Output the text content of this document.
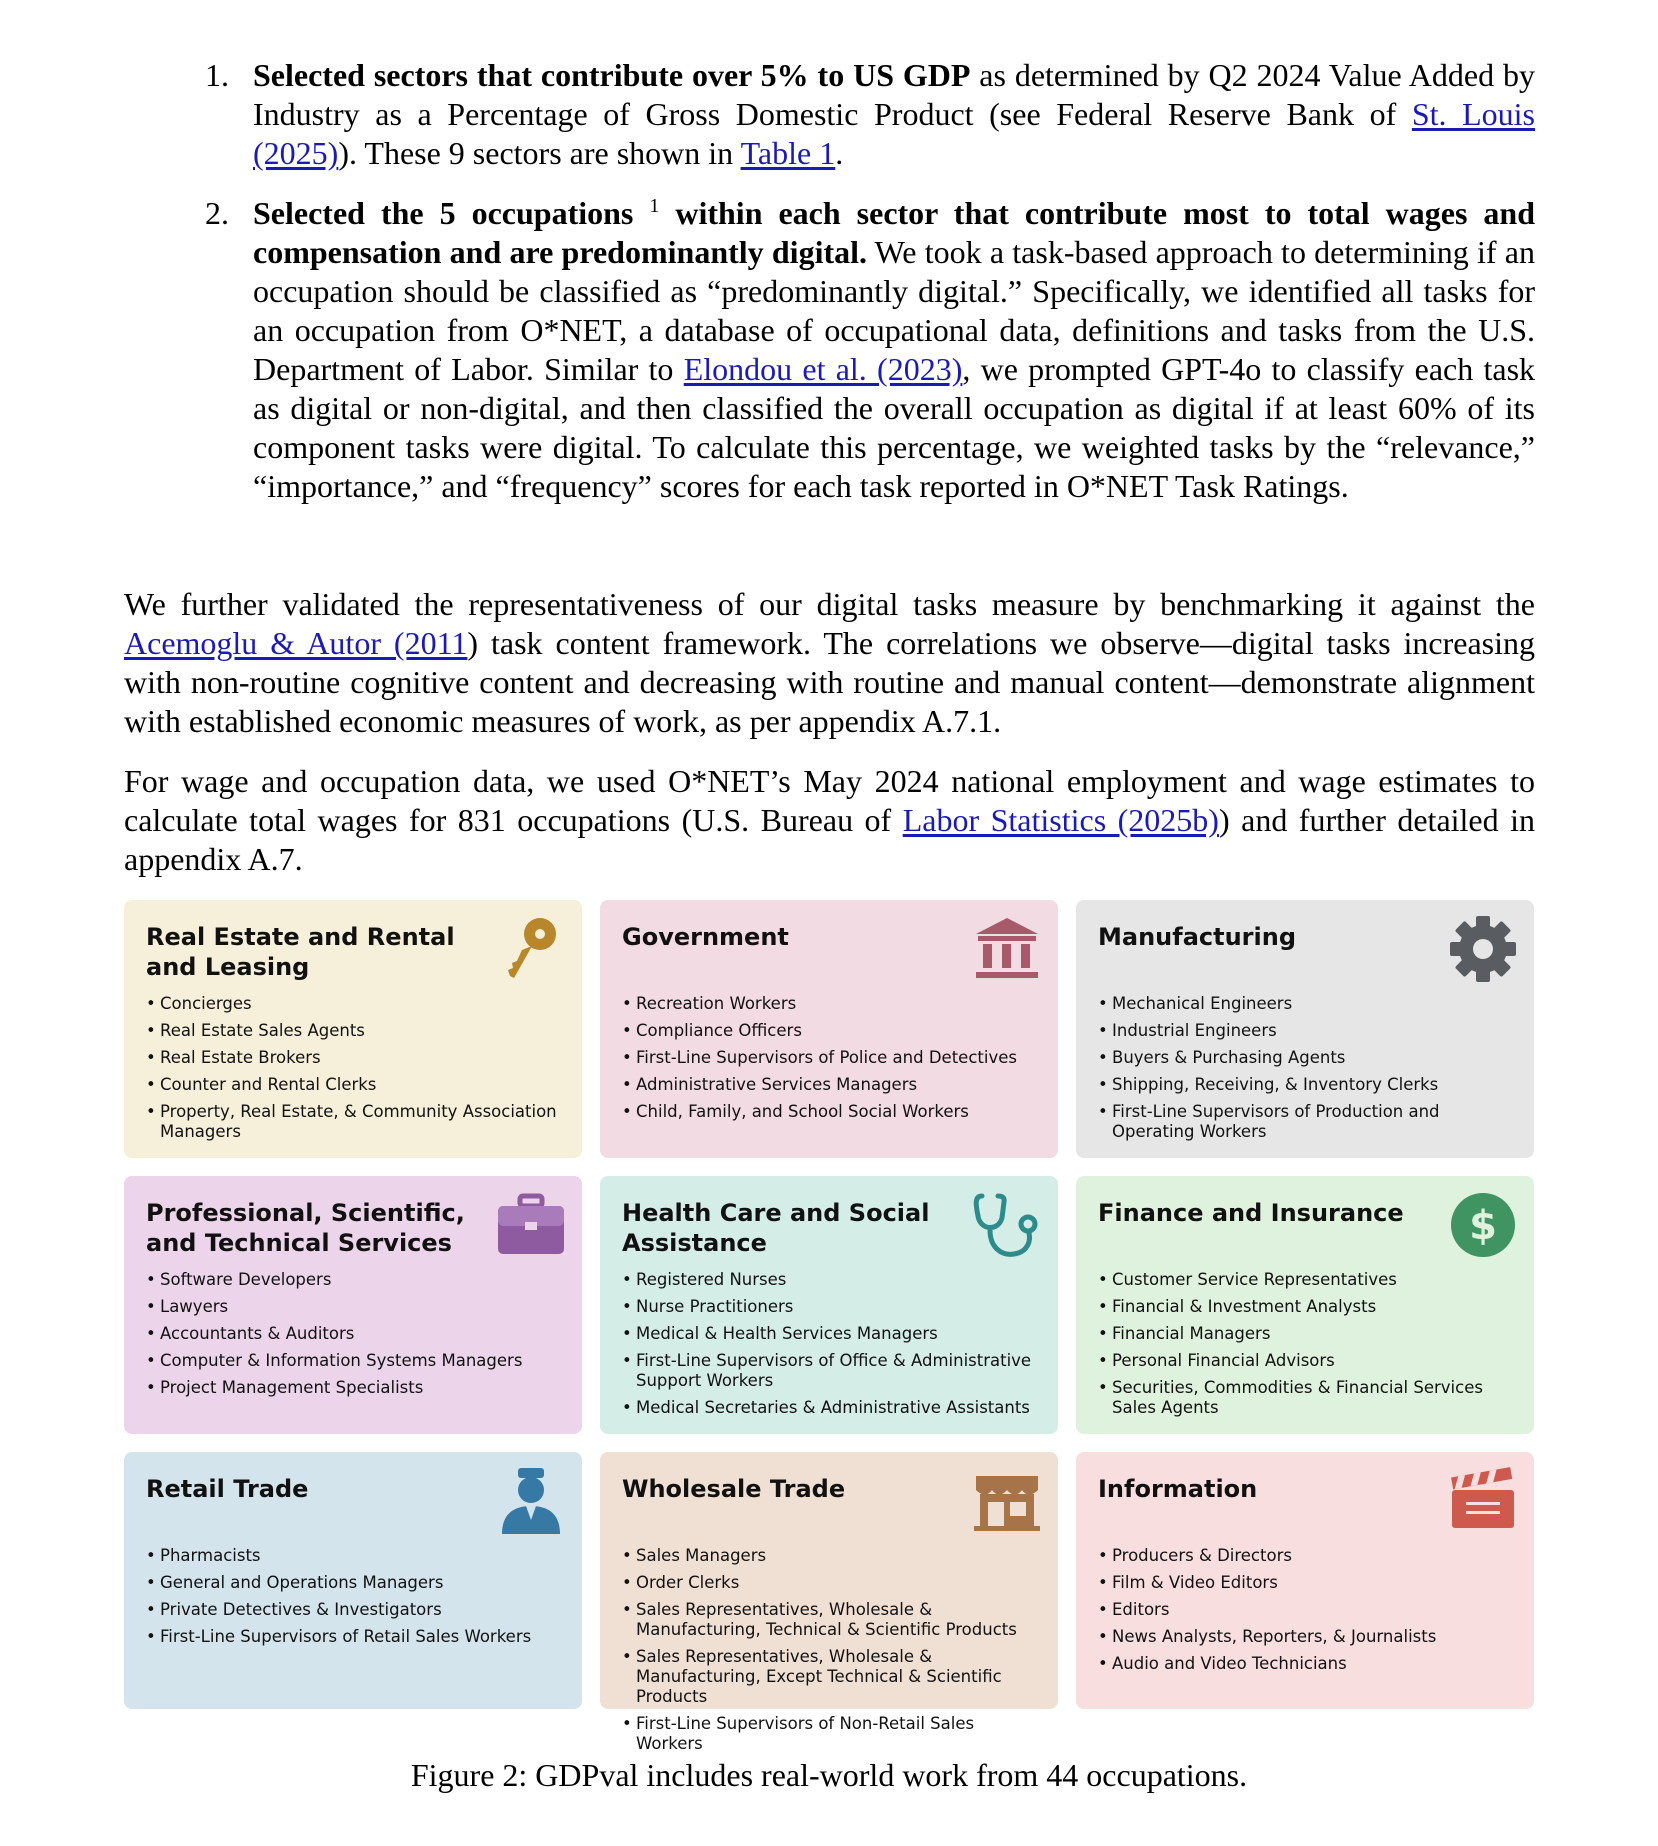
1. Selected sectors that contribute over 5% to US GDP as determined by Q2 2024 Value Added by Industry as a Percentage of Gross Domestic Product (see Federal Reserve Bank of St. Louis (2025)). These 9 sectors are shown in Table 1.
2. Selected the 5 occupations $^1$ within each sector that contribute most to total wages and compensation and are predominantly digital. We took a task-based approach to determining if an occupation should be classified as “predominantly digital.” Specifically, we identified all tasks for an occupation from O*NET, a database of occupational data, definitions and tasks from the U.S. Department of Labor. Similar to Elondou et al. (2023), we prompted GPT-4o to classify each task as digital or non-digital, and then classified the overall occupation as digital if at least 60% of its component tasks were digital. To calculate this percentage, we weighted tasks by the “relevance,” “importance,” and “frequency” scores for each task reported in O*NET Task Ratings.

We further validated the representativeness of our digital tasks measure by benchmarking it against the Acemoglu & Autor (2011) task content framework. The correlations we observe—digital tasks increasing with non-routine cognitive content and decreasing with routine and manual content—demonstrate alignment with established economic measures of work, as per appendix A.7.1.

For wage and occupation data, we used O*NET’s May 2024 national employment and wage estimates to calculate total wages for 831 occupations (U.S. Bureau of Labor Statistics (2025b)) and further detailed in appendix A.7.

Real Estate and Rental and Leasing
• Concierges
• Real Estate Sales Agents
• Real Estate Brokers
• Counter and Rental Clerks
• Property, Real Estate, & Community Association Managers
Government
• Recreation Workers
• Compliance Officers
• First-Line Supervisors of Police and Detectives
• Administrative Services Managers
• Child, Family, and School Social Workers
Manufacturing
• Mechanical Engineers
• Industrial Engineers
• Buyers & Purchasing Agents
• Shipping, Receiving, & Inventory Clerks
• First-Line Supervisors of Production and Operating Workers
Professional, Scientific, and Technical Services
• Software Developers
• Lawyers
• Accountants & Auditors
• Computer & Information Systems Managers
• Project Management Specialists
Health Care and Social Assistance
• Registered Nurses
• Nurse Practitioners
• Medical & Health Services Managers
• First-Line Supervisors of Office & Administrative Support Workers
• Medical Secretaries & Administrative Assistants
Finance and Insurance	$
• Customer Service Representatives
• Financial & Investment Analysts
• Financial Managers
• Personal Financial Advisors
• Securities, Commodities & Financial Services Sales Agents
Retail Trade
• Pharmacists
• General and Operations Managers
• Private Detectives & Investigators
• First-Line Supervisors of Retail Sales Workers
Wholesale Trade
• Sales Managers
• Order Clerks
• Sales Representatives, Wholesale & Manufacturing, Technical & Scientific Products
• Sales Representatives, Wholesale & Manufacturing, Except Technical & Scientific Products
• First-Line Supervisors of Non-Retail Sales Workers
Information
• Producers & Directors
• Film & Video Editors
• Editors
• News Analysts, Reporters, & Journalists
• Audio and Video Technicians
Figure 2: GDPval includes real-world work from 44 occupations.
